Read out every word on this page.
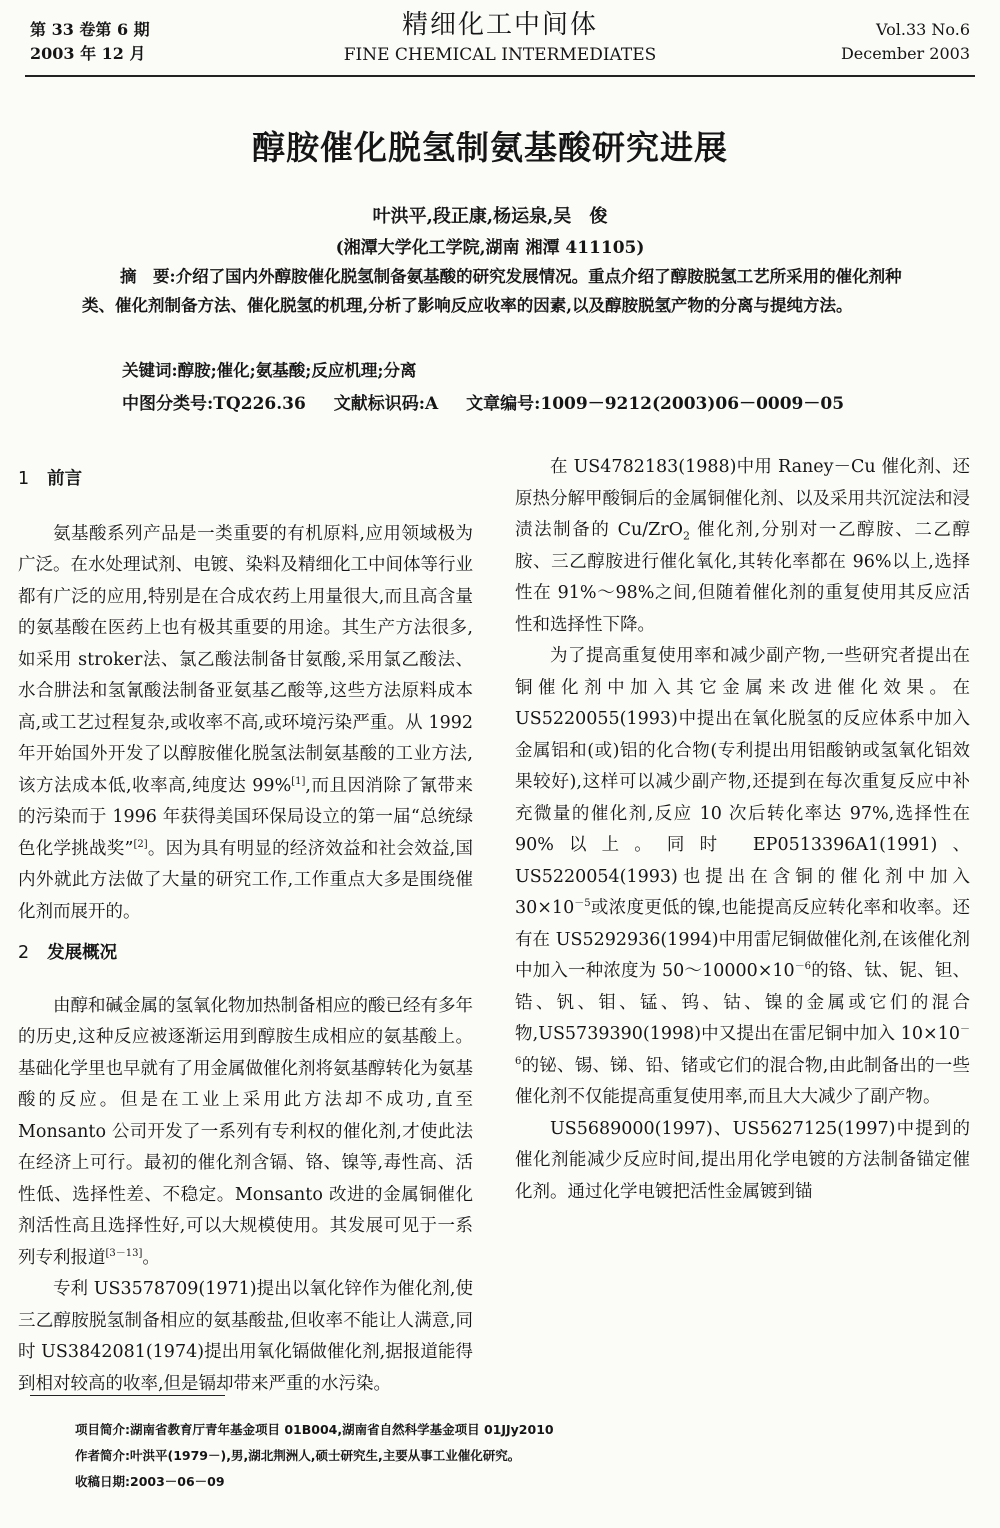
第 33 卷第 6 期
2003 年 12 月
精细化工中间体
FINE CHEMICAL INTERMEDIATES
Vol.33 No.6
December 2003
醇胺催化脱氢制氨基酸研究进展
叶洪平,段正康,杨运泉,吴　俊
(湘潭大学化工学院,湖南 湘潭 411105)
摘　要:介绍了国内外醇胺催化脱氢制备氨基酸的研究发展情况。重点介绍了醇胺脱氢工艺所采用的催化剂种类、催化剂制备方法、催化脱氢的机理,分析了影响反应收率的因素,以及醇胺脱氢产物的分离与提纯方法。
关键词:醇胺;催化;氨基酸;反应机理;分离
中图分类号:TQ226.36 文献标识码:A 文章编号:1009－9212(2003)06－0009－05
1 前言

氨基酸系列产品是一类重要的有机原料,应用领域极为广泛。在水处理试剂、电镀、染料及精细化工中间体等行业都有广泛的应用,特别是在合成农药上用量很大,而且高含量的氨基酸在医药上也有极其重要的用途。其生产方法很多,如采用 stroker法、氯乙酸法制备甘氨酸,采用氯乙酸法、水合肼法和氢氰酸法制备亚氨基乙酸等,这些方法原料成本高,或工艺过程复杂,或收率不高,或环境污染严重。从 1992 年开始国外开发了以醇胺催化脱氢法制氨基酸的工业方法,该方法成本低,收率高,纯度达 99%[1],而且因消除了氰带来的污染而于 1996 年获得美国环保局设立的第一届“总统绿色化学挑战奖”[2]。因为具有明显的经济效益和社会效益,国内外就此方法做了大量的研究工作,工作重点大多是围绕催化剂而展开的。

2 发展概况

由醇和碱金属的氢氧化物加热制备相应的酸已经有多年的历史,这种反应被逐渐运用到醇胺生成相应的氨基酸上。基础化学里也早就有了用金属做催化剂将氨基醇转化为氨基酸的反应。但是在工业上采用此方法却不成功,直至 Monsanto 公司开发了一系列有专利权的催化剂,才使此法在经济上可行。最初的催化剂含镉、铬、镍等,毒性高、活性低、选择性差、不稳定。Monsanto 改进的金属铜催化剂活性高且选择性好,可以大规模使用。其发展可见于一系列专利报道[3－13]。

专利 US3578709(1971)提出以氧化锌作为催化剂,使三乙醇胺脱氢制备相应的氨基酸盐,但收率不能让人满意,同时 US3842081(1974)提出用氧化镉做催化剂,据报道能得到相对较高的收率,但是镉却带来严重的水污染。

在 US4782183(1988)中用 Raney－Cu 催化剂、还原热分解甲酸铜后的金属铜催化剂、以及采用共沉淀法和浸渍法制备的 Cu/ZrO$_2$ 催化剂,分别对一乙醇胺、二乙醇胺、三乙醇胺进行催化氧化,其转化率都在 96%以上,选择性在 91%～98%之间,但随着催化剂的重复使用其反应活性和选择性下降。

为了提高重复使用率和减少副产物,一些研究者提出在铜催化剂中加入其它金属来改进催化效果。在 US5220055(1993)中提出在氧化脱氢的反应体系中加入金属铝和(或)铝的化合物(专利提出用铝酸钠或氢氧化铝效果较好),这样可以减少副产物,还提到在每次重复反应中补充微量的催化剂,反应 10 次后转化率达 97%,选择性在 90%以上。同时 EP0513396A1(1991)、US5220054(1993)也提出在含铜的催化剂中加入 $30\times 10^{-5}$或浓度更低的镍,也能提高反应转化率和收率。还有在 US5292936(1994)中用雷尼铜做催化剂,在该催化剂中加入一种浓度为 $50\sim 10000\times 10^{-6}$的铬、钛、铌、钽、锆、钒、钼、锰、钨、钴、镍的金属或它们的混合物,US5739390(1998)中又提出在雷尼铜中加入 $10\times 10^{-6}$的铋、锡、锑、铅、锗或它们的混合物,由此制备出的一些催化剂不仅能提高重复使用率,而且大大减少了副产物。

US5689000(1997)、US5627125(1997)中提到的催化剂能减少反应时间,提出用化学电镀的方法制备锚定催化剂。通过化学电镀把活性金属镀到锚

项目简介:湖南省教育厅青年基金项目 01B004,湖南省自然科学基金项目 01JJy2010
作者简介:叶洪平(1979－),男,湖北荆洲人,硕士研究生,主要从事工业催化研究。
收稿日期:2003－06－09
